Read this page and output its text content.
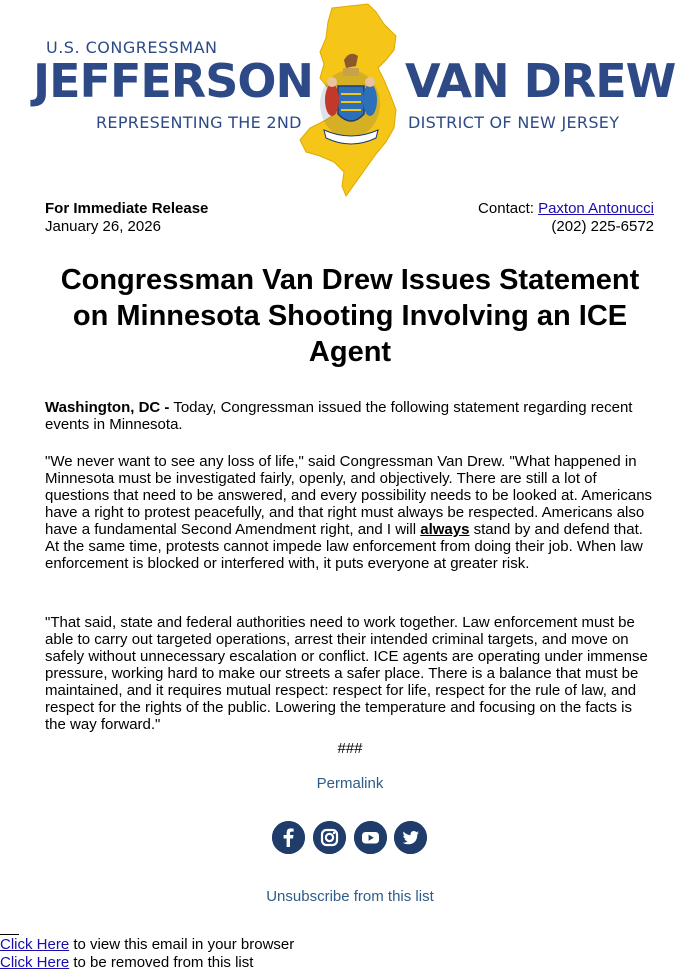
U.S. CONGRESSMAN
JEFFERSON VAN DREW
REPRESENTING THE 2ND	DISTRICT OF NEW JERSEY
For Immediate Release
January 26, 2026
Contact: Paxton Antonucci
(202) 225-6572
Congressman Van Drew Issues Statement on Minnesota Shooting Involving an ICE Agent
Washington, DC - Today, Congressman issued the following statement regarding recent events in Minnesota.
"We never want to see any loss of life," said Congressman Van Drew. "What happened in Minnesota must be investigated fairly, openly, and objectively. There are still a lot of questions that need to be answered, and every possibility needs to be looked at. Americans have a right to protest peacefully, and that right must always be respected. Americans also have a fundamental Second Amendment right, and I will always stand by and defend that. At the same time, protests cannot impede law enforcement from doing their job. When law enforcement is blocked or interfered with, it puts everyone at greater risk.
"That said, state and federal authorities need to work together. Law enforcement must be able to carry out targeted operations, arrest their intended criminal targets, and move on safely without unnecessary escalation or conflict. ICE agents are operating under immense pressure, working hard to make our streets a safer place. There is a balance that must be maintained, and it requires mutual respect: respect for life, respect for the rule of law, and respect for the rights of the public. Lowering the temperature and focusing on the facts is the way forward."
###
Permalink
Unsubscribe from this list
Click Here to view this email in your browser
Click Here to be removed from this list
